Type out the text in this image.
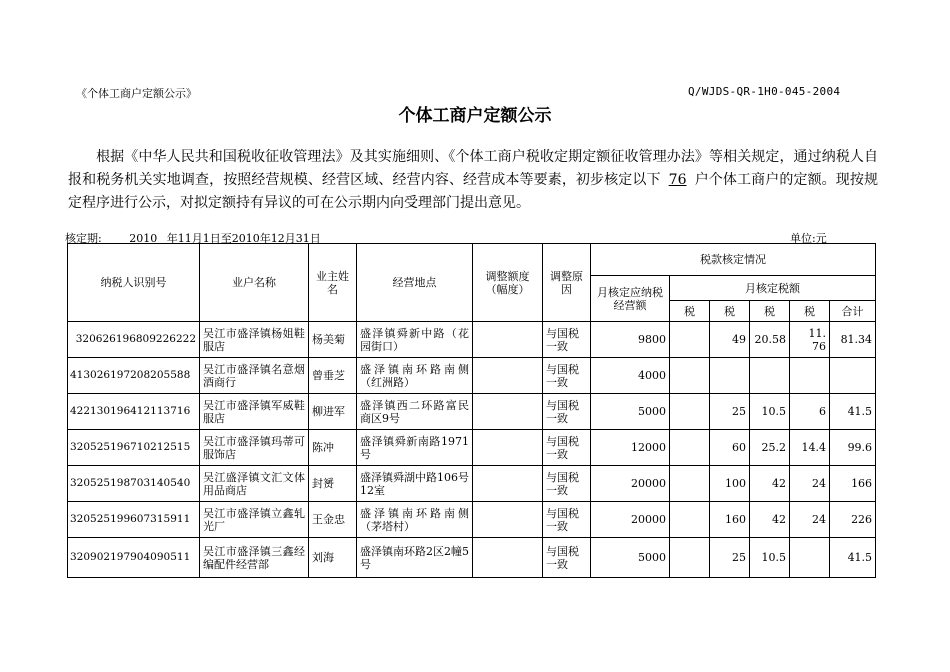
《个体工商户定额公示》	Q/WJDS-QR-1H0-045-2004
个体工商户定额公示

根据《中华人民共和国税收征收管理法》及其实施细则、《个体工商户税收定期定额征收管理办法》等相关规定，通过纳税人自报和税务机关实地调查，按照经营规模、经营区域、经营内容、经营成本等要素，初步核定以下 76 户个体工商户的定额。现按规定程序进行公示，对拟定额持有异议的可在公示期内向受理部门提出意见。

核定期:	2010 年11月1日至2010年12月31日	单位:元
纳税人识别号	业户名称	业主姓名	经营地点	调整额度（幅度）	调整原因	税款核定情况					
						月核定应纳税经营额	月核定税额				
							税	税	税	税	合计
320626196809226222	吴江市盛泽镇杨姐鞋服店	杨美菊	盛泽镇舜新中路（花园街口）		与国税一致	9800		49	20.58	11.76	81.34
413026197208205588	吴江市盛泽镇名意烟酒商行	曾垂芝	盛泽镇南环路南侧（红洲路）		与国税一致	4000					
422130196412113716	吴江市盛泽镇军威鞋服店	柳进军	盛泽镇西二环路富民商区9号		与国税一致	5000		25	10.5	6	41.5
320525196710212515	吴江市盛泽镇玛蒂可服饰店	陈冲	盛泽镇舜新南路1971号		与国税一致	12000		60	25.2	14.4	99.6
320525198703140540	吴江盛泽镇文汇文体用品商店	封赟	盛泽镇舜湖中路106号12室		与国税一致	20000		100	42	24	166
320525199607315911	吴江市盛泽镇立鑫轧光厂	王金忠	盛泽镇南环路南侧（茅塔村）		与国税一致	20000		160	42	24	226
320902197904090511	吴江市盛泽镇三鑫经编配件经营部	刘海	盛泽镇南环路2区2幢5号		与国税一致	5000		25	10.5		41.5
